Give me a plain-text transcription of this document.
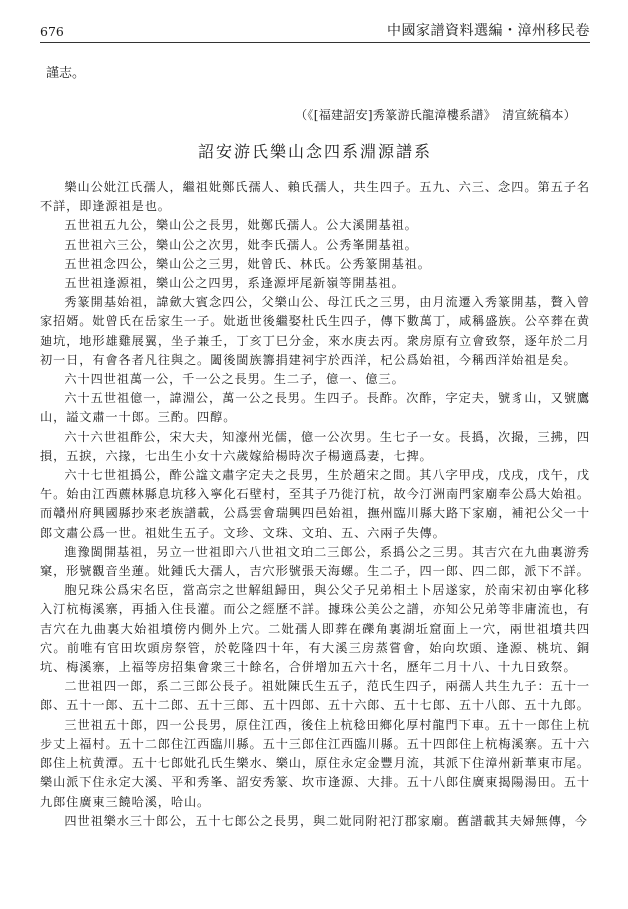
676	中國家譜資料選編・漳州移民卷
謹志。
（《[福建詔安]秀篆游氏龍漳樓系譜》　清宣統稿本）
詔安游氏樂山念四系淵源譜系

樂山公妣江氏孺人，繼祖妣鄭氏孺人、賴氏孺人，共生四子。五九、六三、念四。第五子名不詳，即逢源祖是也。

五世祖五九公，樂山公之長男，妣鄭氏孺人。公大溪開基祖。

五世祖六三公，樂山公之次男，妣李氏孺人。公秀峯開基祖。

五世祖念四公，樂山公之三男，妣曾氏、林氏。公秀篆開基祖。

五世祖逢源祖，樂山公之四男，系逢源坪尾新嶺等開基祖。

秀篆開基始祖，諱歛大賓念四公，父樂山公、母江氏之三男，由月流遷入秀篆開基，贅入曾家招婿。妣曾氏在岳家生一子。妣逝世後繼娶杜氏生四子，傳下數萬丁，咸稱盛族。公卒葬在黄廸坑，地形雄雞展翼，坐子兼壬，丁亥丁巳分金，來水庚去丙。衆房原有立會致祭，逐年於二月初一日，有會各者凡往與之。闔後閩族籌捐建祠宇於西洋，杞公爲始祖，今稱西洋始祖是矣。

六十四世祖萬一公，千一公之長男。生二子，億一、億三。

六十五世祖億一，諱淵公，萬一公之長男。生四子。長酢。次酢，字定夫，號豸山，又號鷹山，謚文肅一十郎。三酌。四醇。

六十六世祖酢公，宋大夫，知濠州光儒，億一公次男。生七子一女。長撝，次撮，三拂，四損，五捩，六掾，七出生小女十六歲嫁給楊時次子楊適爲妻，七捭。

六十七世祖撝公，酢公諡文肅字定夫之長男，生於趙宋之間。其八字甲戌，戊戌，戊午，戊午。始由江西藨林縣息坑移入寧化石壁村，至其子乃徙汀杭，故今汀洲南門家廟奉公爲大始祖。而贛州府興國縣抄來老族譜載，公爲雲會瑞興四邑始祖，撫州臨川縣大路下家廟，補祀公父一十郎文肅公爲一世。祖妣生五子。文珍、文珠、文珀、五、六兩子失傳。

進豫閩開基祖，另立一世祖即六八世祖文珀二三郎公，系撝公之三男。其吉穴在九曲裏游秀窠，形號觀音坐蓮。妣鍾氏大孺人，吉穴形號張天海螺。生二子，四一郎、四二郎，派下不詳。

胞兄珠公爲宋名臣，當高宗之世解組歸田，與公父子兄弟相土卜居遂家，於南宋初由寧化移入汀杭梅溪寨，再插入住長灌。而公之經歷不詳。據珠公美公之譜，亦知公兄弟等非庸流也，有吉穴在九曲裏大始祖墳傍内側外上穴。二妣孺人即葬在礫角裏湖坵窟面上一穴，兩世祖墳共四穴。前唯有官田坎頭房祭管，於乾隆四十年，有大溪三房蒸嘗會，始向坎頭、逢源、桃坑、銅坑、梅溪寨，上福等房招集會衆三十餘名，合併增加五六十名，歷年二月十八、十九日致祭。

二世祖四一郎，系二三郎公長子。祖妣陳氏生五子，范氏生四子，兩孺人共生九子：五十一郎、五十一郎、五十二郎、五十三郎、五十四郎、五十六郎、五十七郎、五十八郎、五十九郎。

三世祖五十郎，四一公長男，原住江西，後住上杭稔田鄉化厚村龍門下車。五十一郎住上杭步丈上福村。五十二郎住江西臨川縣。五十三郎住江西臨川縣。五十四郎住上杭梅溪寨。五十六郎住上杭黄潭。五十七郎妣孔氏生樂水、樂山，原住永定金豐月流，其派下住漳州新華東市尾。樂山派下住永定大溪、平和秀峯、詔安秀篆、坎市逢源、大排。五十八郎住廣東揭陽湯田。五十九郎住廣東三饒哈溪，哈山。

四世祖樂水三十郎公，五十七郎公之長男，與二妣同附祀汀郡家廟。舊譜載其夫婦無傳，今
